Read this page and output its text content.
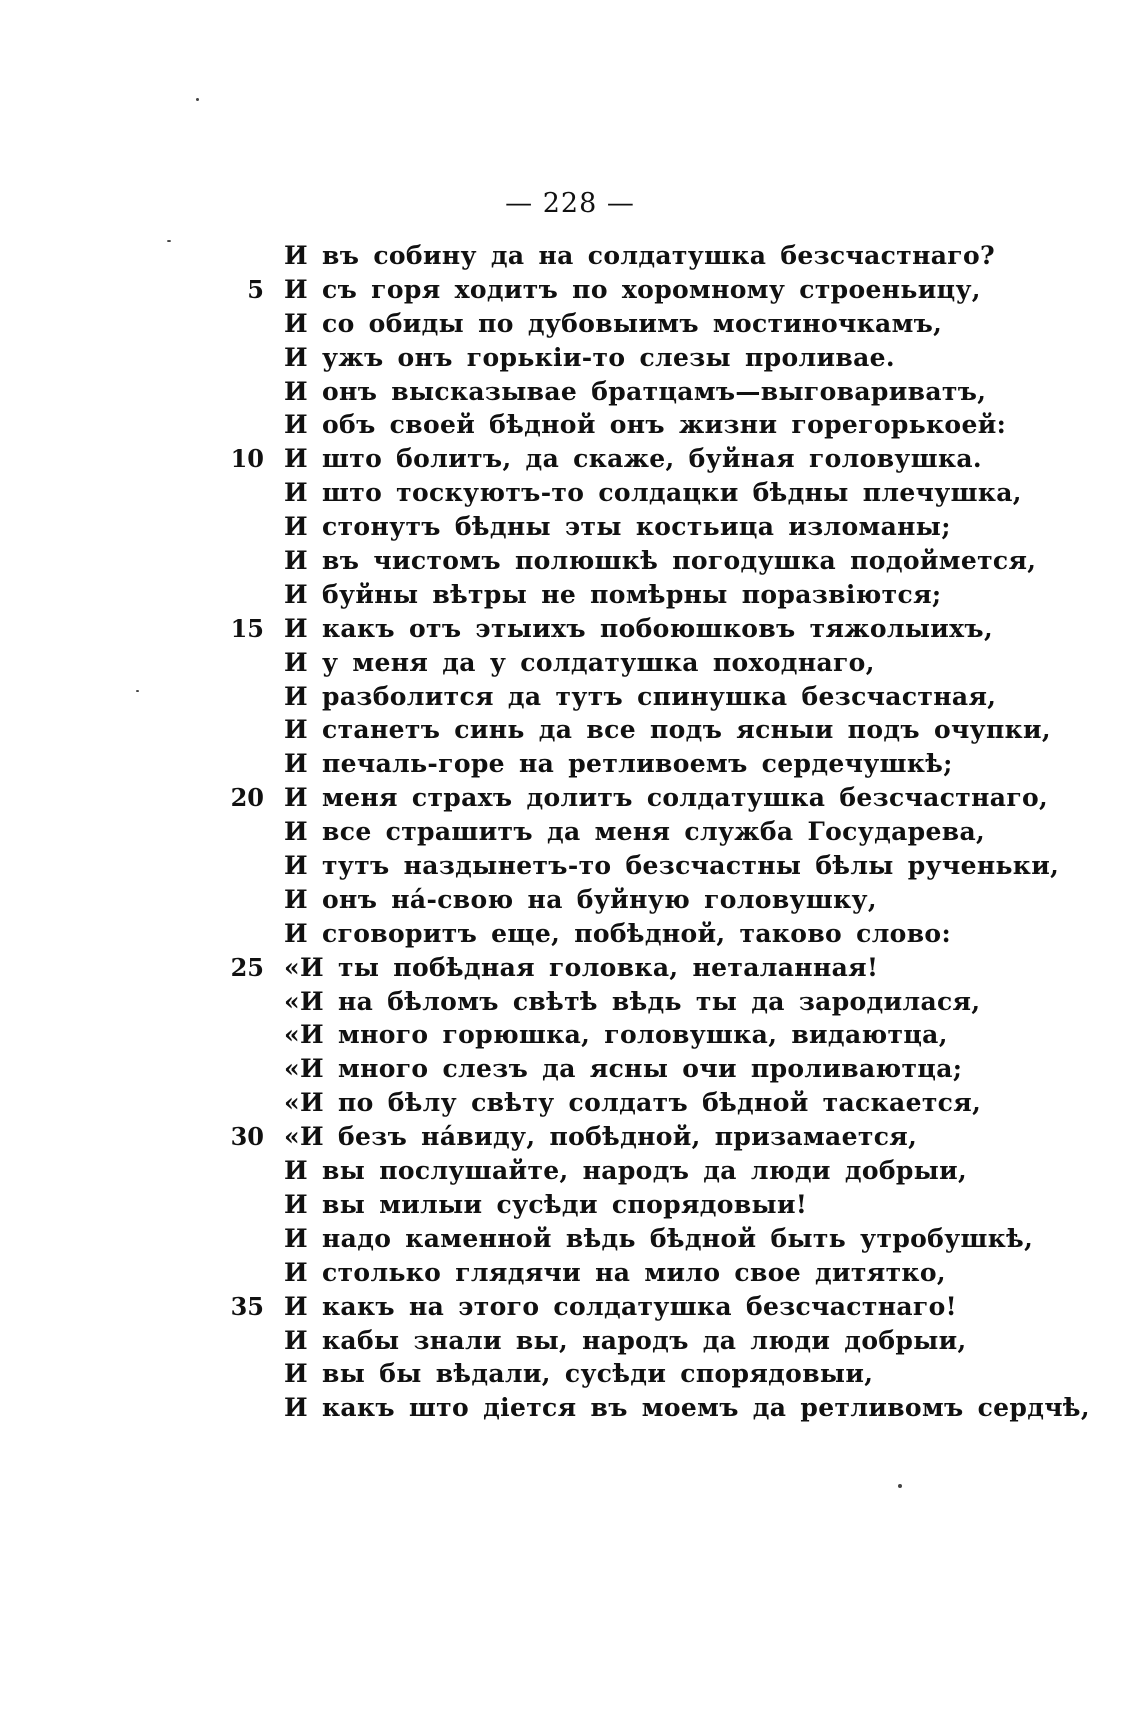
— 228 —
И въ собину да на солдатушка безсчастнаго?
5 И съ горя ходитъ по хоромному строеньицу,
И со обиды по дубовыимъ мостиночкамъ,
И ужъ онъ горькiи-то слезы проливае.
И онъ высказывае братцамъ—выговариватъ,
И объ своей бѣдной онъ жизни горегорькоей:
10 И што болитъ, да скаже, буйная головушка.
И што тоскуютъ-то солдацки бѣдны плечушка,
И стонутъ бѣдны эты костьица изломаны;
И въ чистомъ полюшкѣ погодушка подоймется,
И буйны вѣтры не помѣрны поразвiются;
15 И какъ отъ этыихъ побоюшковъ тяжолыихъ,
И у меня да у солдатушка походнаго,
И разболится да тутъ спинушка безсчастная,
И станетъ синь да все подъ ясныи подъ очупки,
И печаль-горе на ретливоемъ сердечушкѣ;
20 И меня страхъ долитъ солдатушка безсчастнаго,
И все страшитъ да меня служба Государева,
И тутъ наздынетъ-то безсчастны бѣлы рученьки,
И онъ на́-свою на буйную головушку,
И сговоритъ еще, побѣдной, таково слово:
25 «И ты побѣдная головка, неталанная!
«И на бѣломъ свѣтѣ вѣдь ты да зародилася,
«И много горюшка, головушка, видаютца,
«И много слезъ да ясны очи проливаютца;
«И по бѣлу свѣту солдатъ бѣдной таскается,
30 «И безъ на́виду, побѣдной, призамается,
И вы послушайте, народъ да люди добрыи,
И вы милыи сусѣди спорядовыи!
И надо каменной вѣдь бѣдной быть утробушкѣ,
И столько глядячи на мило свое дитятко,
35 И какъ на этого солдатушка безсчастнаго!
И кабы знали вы, народъ да люди добрыи,
И вы бы вѣдали, сусѣди спорядовыи,
И какъ што дiется въ моемъ да ретливомъ сердчѣ,
